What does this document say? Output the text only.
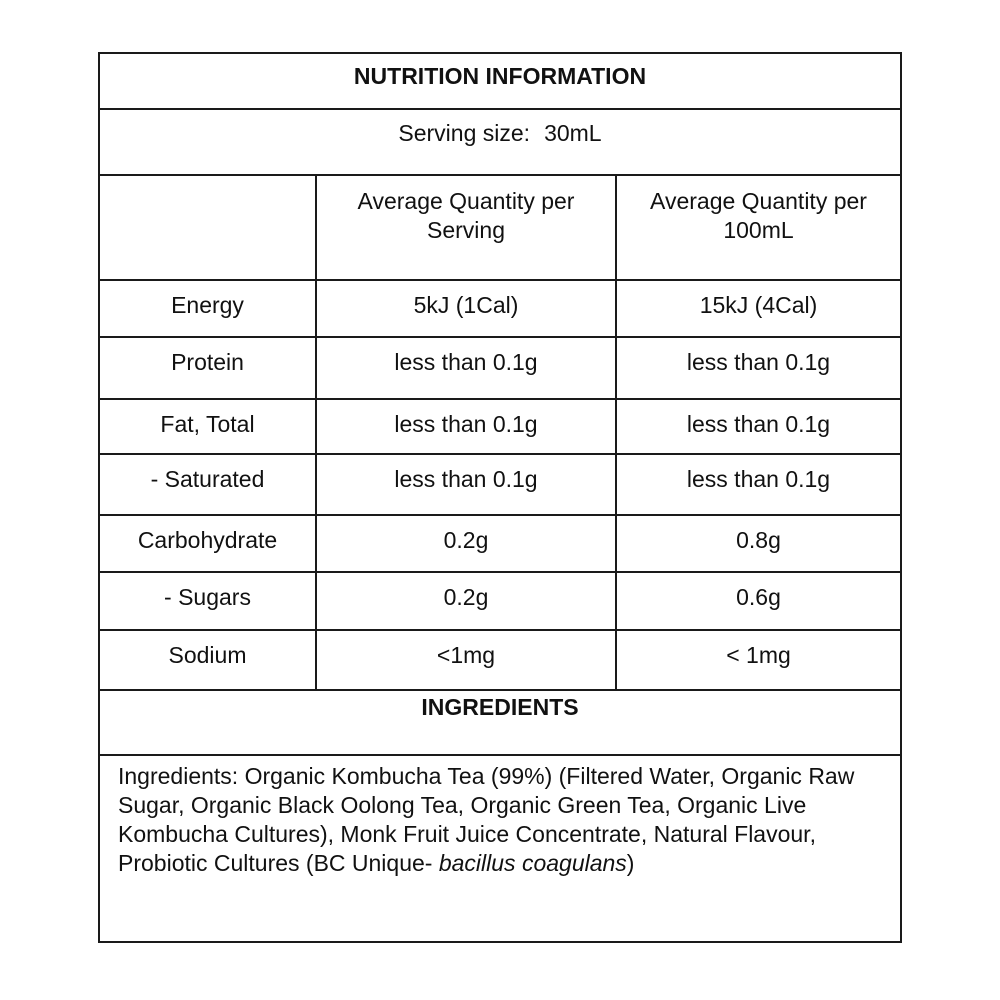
NUTRITION INFORMATION
Serving size: 30mL
	Average Quantity per Serving	Average Quantity per 100mL
Energy	5kJ (1Cal)	15kJ (4Cal)
Protein	less than 0.1g	less than 0.1g
Fat, Total	less than 0.1g	less than 0.1g
- Saturated	less than 0.1g	less than 0.1g
Carbohydrate	0.2g	0.8g
- Sugars	0.2g	0.6g
Sodium	<1mg	< 1mg
INGREDIENTS
Ingredients: Organic Kombucha Tea (99%) (Filtered Water, Organic Raw Sugar, Organic Black Oolong Tea, Organic Green Tea, Organic Live Kombucha Cultures), Monk Fruit Juice Concentrate, Natural Flavour, Probiotic Cultures (BC Unique- bacillus coagulans)
